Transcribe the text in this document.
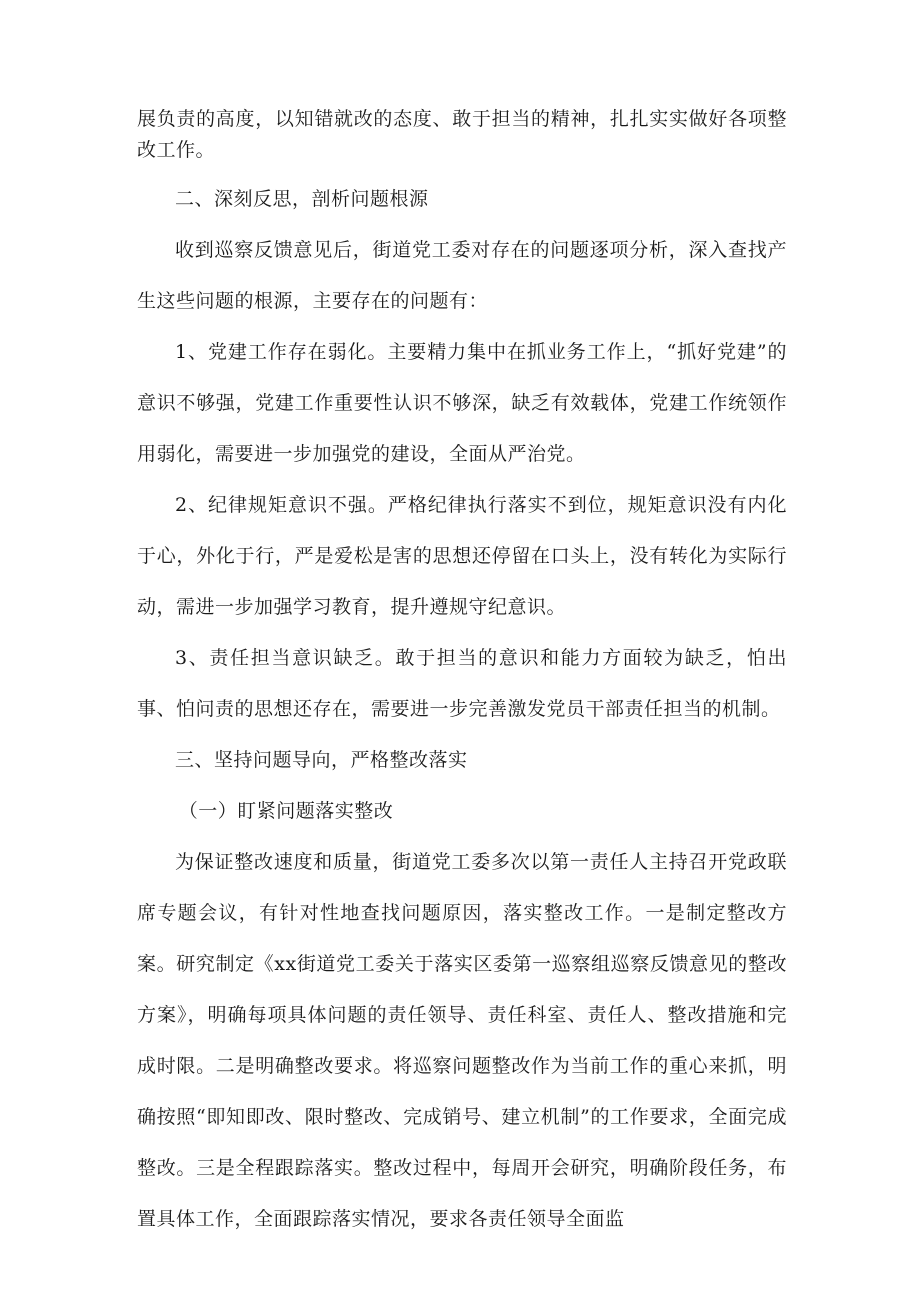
展负责的高度，以知错就改的态度、敢于担当的精神，扎扎实实做好各项整改工作。

二、深刻反思，剖析问题根源

收到巡察反馈意见后，街道党工委对存在的问题逐项分析，深入查找产生这些问题的根源，主要存在的问题有：

1、党建工作存在弱化。主要精力集中在抓业务工作上，“抓好党建”的意识不够强，党建工作重要性认识不够深，缺乏有效载体，党建工作统领作用弱化，需要进一步加强党的建设，全面从严治党。

2、纪律规矩意识不强。严格纪律执行落实不到位，规矩意识没有内化于心，外化于行，严是爱松是害的思想还停留在口头上，没有转化为实际行动，需进一步加强学习教育，提升遵规守纪意识。

3、责任担当意识缺乏。敢于担当的意识和能力方面较为缺乏，怕出事、怕问责的思想还存在，需要进一步完善激发党员干部责任担当的机制。

三、坚持问题导向，严格整改落实

（一）盯紧问题落实整改

为保证整改速度和质量，街道党工委多次以第一责任人主持召开党政联席专题会议，有针对性地查找问题原因，落实整改工作。一是制定整改方案。研究制定《xx街道党工委关于落实区委第一巡察组巡察反馈意见的整改方案》，明确每项具体问题的责任领导、责任科室、责任人、整改措施和完成时限。二是明确整改要求。将巡察问题整改作为当前工作的重心来抓，明确按照“即知即改、限时整改、完成销号、建立机制”的工作要求，全面完成整改。三是全程跟踪落实。整改过程中，每周开会研究，明确阶段任务，布置具体工作，全面跟踪落实情况，要求各责任领导全面监
